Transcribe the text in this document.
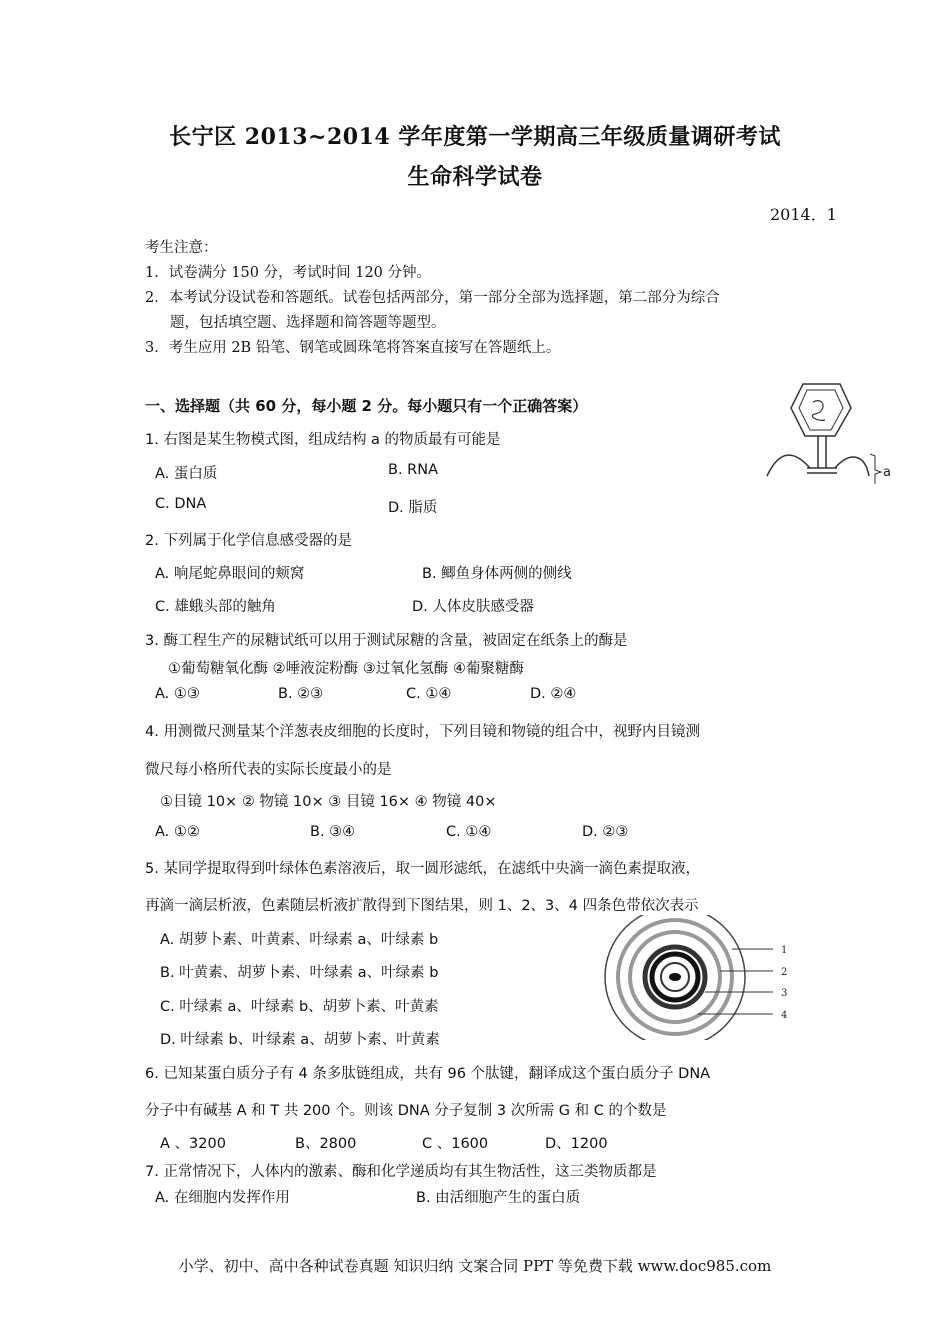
长宁区 2013~2014 学年度第一学期高三年级质量调研考试
生命科学试卷
2014．1
考生注意：
1．试卷满分 150 分，考试时间 120 分钟。
2．本考试分设试卷和答题纸。试卷包括两部分，第一部分全部为选择题，第二部分为综合
题，包括填空题、选择题和简答题等题型。
3．考生应用 2B 铅笔、钢笔或圆珠笔将答案直接写在答题纸上。
一、选择题（共 60 分，每小题 2 分。每小题只有一个正确答案）
1. 右图是某生物模式图，组成结构 a 的物质最有可能是
A. 蛋白质	B. RNA
C. DNA	D. 脂质
a
2. 下列属于化学信息感受器的是
A. 响尾蛇鼻眼间的颊窝	B. 鲫鱼身体两侧的侧线
C. 雄蛾头部的触角	D. 人体皮肤感受器
3. 酶工程生产的尿糖试纸可以用于测试尿糖的含量，被固定在纸条上的酶是
①葡萄糖氧化酶 ②唾液淀粉酶 ③过氧化氢酶 ④葡聚糖酶
A. ①③	B. ②③	C. ①④	D. ②④
4. 用测微尺测量某个洋葱表皮细胞的长度时，下列目镜和物镜的组合中，视野内目镜测
微尺每小格所代表的实际长度最小的是
①目镜 10× ② 物镜 10× ③ 目镜 16× ④ 物镜 40×
A. ①②	B. ③④	C. ①④	D. ②③
5. 某同学提取得到叶绿体色素溶液后，取一圆形滤纸，在滤纸中央滴一滴色素提取液，
再滴一滴层析液，色素随层析液扩散得到下图结果，则 1、2、3、4 四条色带依次表示
A. 胡萝卜素、叶黄素、叶绿素 a、叶绿素 b
B. 叶黄素、胡萝卜素、叶绿素 a、叶绿素 b
C. 叶绿素 a、叶绿素 b、胡萝卜素、叶黄素
D. 叶绿素 b、叶绿素 a、胡萝卜素、叶黄素
1
2
3
4
6. 已知某蛋白质分子有 4 条多肽链组成，共有 96 个肽键，翻译成这个蛋白质分子 DNA
分子中有碱基 A 和 T 共 200 个。则该 DNA 分子复制 3 次所需 G 和 C 的个数是
A 、3200	B、2800	C 、1600	D、1200
7. 正常情况下，人体内的激素、酶和化学递质均有其生物活性，这三类物质都是
A. 在细胞内发挥作用	B. 由活细胞产生的蛋白质
小学、初中、高中各种试卷真题 知识归纳 文案合同 PPT 等免费下载 www.doc985.com
